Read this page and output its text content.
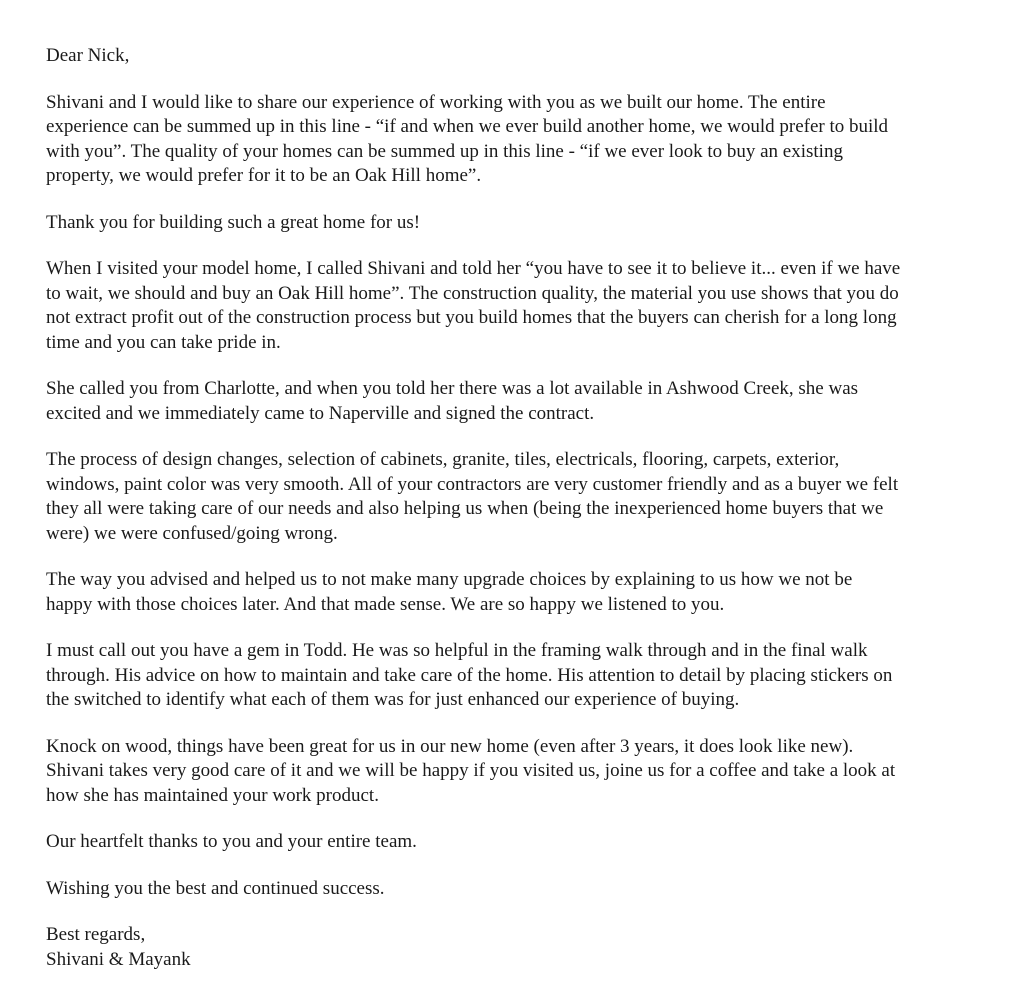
Dear Nick,

Shivani and I would like to share our experience of working with you as we built our home. The entire
experience can be summed up in this line - “if and when we ever build another home, we would prefer to build
with you”. The quality of your homes can be summed up in this line - “if we ever look to buy an existing
property, we would prefer for it to be an Oak Hill home”.

Thank you for building such a great home for us!

When I visited your model home, I called Shivani and told her “you have to see it to believe it... even if we have
to wait, we should and buy an Oak Hill home”. The construction quality, the material you use shows that you do
not extract profit out of the construction process but you build homes that the buyers can cherish for a long long
time and you can take pride in.

She called you from Charlotte, and when you told her there was a lot available in Ashwood Creek, she was
excited and we immediately came to Naperville and signed the contract.

The process of design changes, selection of cabinets, granite, tiles, electricals, flooring, carpets, exterior,
windows, paint color was very smooth. All of your contractors are very customer friendly and as a buyer we felt
they all were taking care of our needs and also helping us when (being the inexperienced home buyers that we
were) we were confused/going wrong.

The way you advised and helped us to not make many upgrade choices by explaining to us how we not be
happy with those choices later. And that made sense. We are so happy we listened to you.

I must call out you have a gem in Todd. He was so helpful in the framing walk through and in the final walk
through. His advice on how to maintain and take care of the home. His attention to detail by placing stickers on
the switched to identify what each of them was for just enhanced our experience of buying.

Knock on wood, things have been great for us in our new home (even after 3 years, it does look like new).
Shivani takes very good care of it and we will be happy if you visited us, joine us for a coffee and take a look at
how she has maintained your work product.

Our heartfelt thanks to you and your entire team.

Wishing you the best and continued success.

Best regards,
Shivani & Mayank
